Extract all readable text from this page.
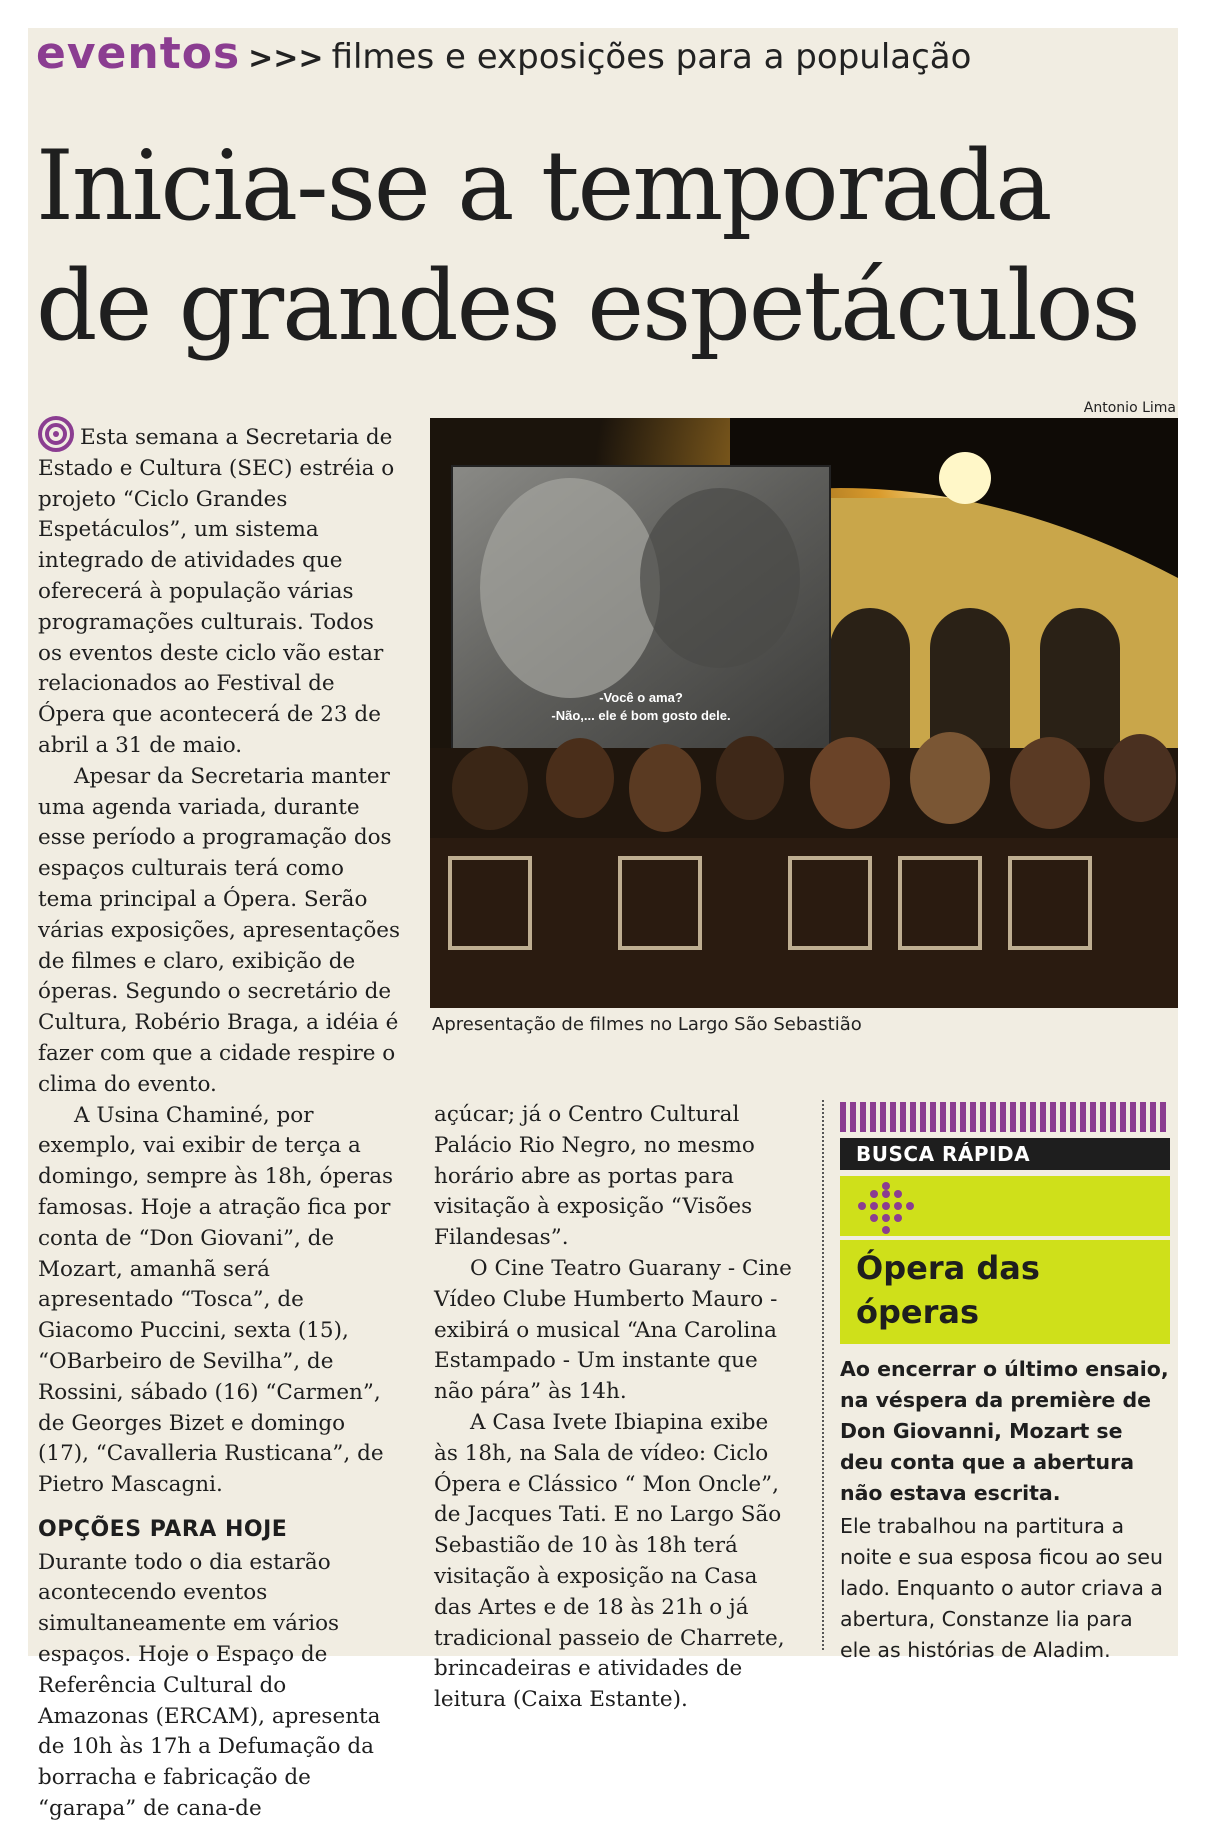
eventos >>> filmes e exposições para a população
Inicia-se a temporada
de grandes espetáculos

Esta semana a Secretaria de Estado e Cultura (SEC) estréia o projeto “Ciclo Grandes Espetáculos”, um sistema integrado de atividades que oferecerá à população várias programações culturais. Todos os eventos deste ciclo vão estar relacionados ao Festival de Ópera que acontecerá de 23 de abril a 31 de maio.

Apesar da Secretaria manter uma agenda variada, durante esse período a programação dos espaços culturais terá como tema principal a Ópera. Serão várias exposições, apresentações de filmes e claro, exibição de óperas. Segundo o secretário de Cultura, Robério Braga, a idéia é fazer com que a cidade respire o clima do evento.

A Usina Chaminé, por exemplo, vai exibir de terça a domingo, sempre às 18h, óperas famosas. Hoje a atração fica por conta de “Don Giovani”, de Mozart, amanhã será apresentado “Tosca”, de Giacomo Puccini, sexta (15), “OBarbeiro de Sevilha”, de Rossini, sábado (16) “Carmen”, de Georges Bizet e domingo (17), “Cavalleria Rusticana”, de Pietro Mascagni.

OPÇÕES PARA HOJE

Durante todo o dia estarão acontecendo eventos simultaneamente em vários espaços. Hoje o Espaço de Referência Cultural do Amazonas (ERCAM), apresenta de 10h às 17h a Defumação da borracha e fabricação de “garapa” de cana-de

Antonio Lima
-Você o ama?
-Não,... ele é bom gosto dele.
Apresentação de filmes no Largo São Sebastião

açúcar; já o Centro Cultural Palácio Rio Negro, no mesmo horário abre as portas para visitação à exposição “Visões Filandesas”.

O Cine Teatro Guarany - Cine Vídeo Clube Humberto Mauro - exibirá o musical “Ana Carolina Estampado - Um instante que não pára” às 14h.

A Casa Ivete Ibiapina exibe às 18h, na Sala de vídeo: Ciclo Ópera e Clássico “ Mon Oncle”, de Jacques Tati. E no Largo São Sebastião de 10 às 18h terá visitação à exposição na Casa das Artes e de 18 às 21h o já tradicional passeio de Charrete, brincadeiras e atividades de leitura (Caixa Estante).

BUSCA RÁPIDA
Ópera das óperas

Ao encerrar o último ensaio, na véspera da première de Don Giovanni, Mozart se deu conta que a abertura não estava escrita.

Ele trabalhou na partitura a noite e sua esposa ficou ao seu lado. Enquanto o autor criava a abertura, Constanze lia para ele as histórias de Aladim.
